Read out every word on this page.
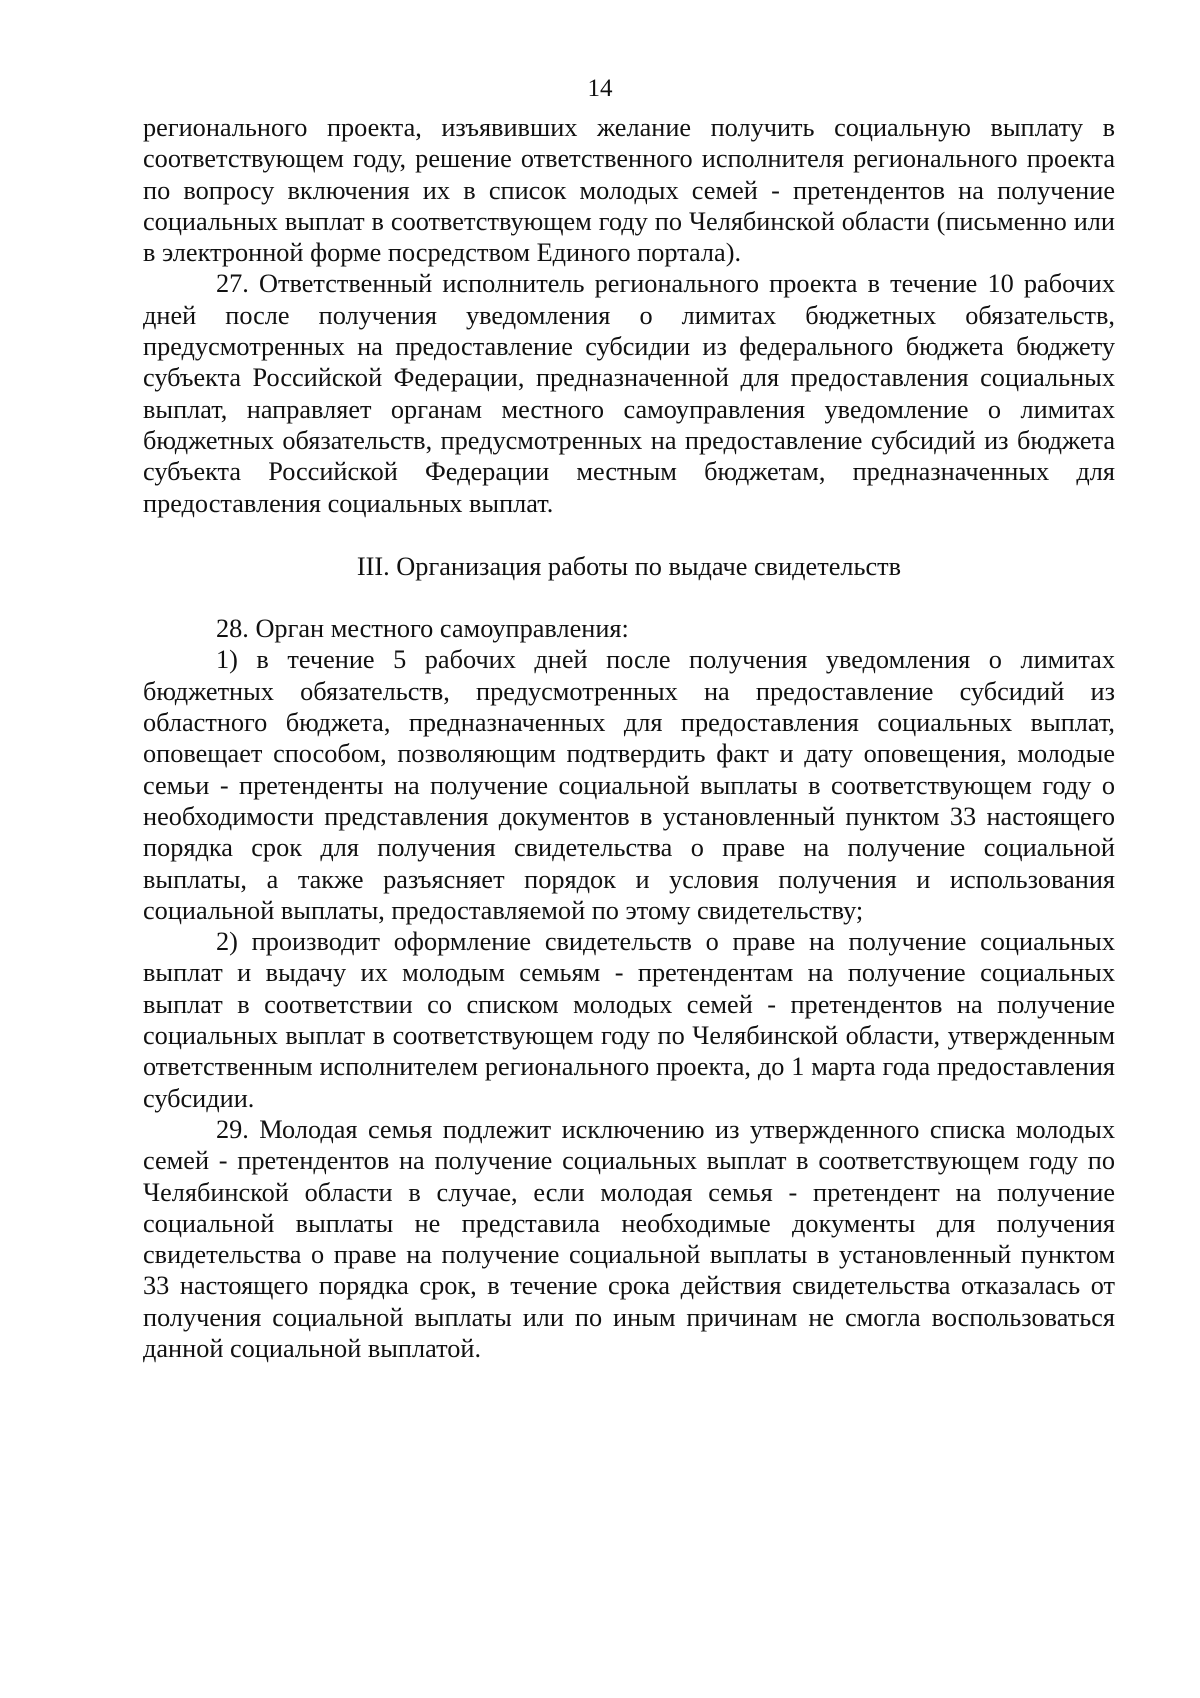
14

регионального проекта, изъявивших желание получить социальную выплату в соответствующем году, решение ответственного исполнителя регионального проекта по вопросу включения их в список молодых семей - претендентов на получение социальных выплат в соответствующем году по Челябинской области (письменно или в электронной форме посредством Единого портала).

27. Ответственный исполнитель регионального проекта в течение 10 рабочих дней после получения уведомления о лимитах бюджетных обязательств, предусмотренных на предоставление субсидии из федерального бюджета бюджету субъекта Российской Федерации, предназначенной для предоставления социальных выплат, направляет органам местного самоуправления уведомление о лимитах бюджетных обязательств, предусмотренных на предоставление субсидий из бюджета субъекта Российской Федерации местным бюджетам, предназначенных для предоставления социальных выплат.

III. Организация работы по выдаче свидетельств

28. Орган местного самоуправления:

1) в течение 5 рабочих дней после получения уведомления о лимитах бюджетных обязательств, предусмотренных на предоставление субсидий из областного бюджета, предназначенных для предоставления социальных выплат, оповещает способом, позволяющим подтвердить факт и дату оповещения, молодые семьи - претенденты на получение социальной выплаты в соответствующем году о необходимости представления документов в установленный пунктом 33 настоящего порядка срок для получения свидетельства о праве на получение социальной выплаты, а также разъясняет порядок и условия получения и использования социальной выплаты, предоставляемой по этому свидетельству;

2) производит оформление свидетельств о праве на получение социальных выплат и выдачу их молодым семьям - претендентам на получение социальных выплат в соответствии со списком молодых семей - претендентов на получение социальных выплат в соответствующем году по Челябинской области, утвержденным ответственным исполнителем регионального проекта, до 1 марта года предоставления субсидии.

29. Молодая семья подлежит исключению из утвержденного списка молодых семей - претендентов на получение социальных выплат в соответствующем году по Челябинской области в случае, если молодая семья - претендент на получение социальной выплаты не представила необходимые документы для получения свидетельства о праве на получение социальной выплаты в установленный пунктом 33 настоящего порядка срок, в течение срока действия свидетельства отказалась от получения социальной выплаты или по иным причинам не смогла воспользоваться данной социальной выплатой.
